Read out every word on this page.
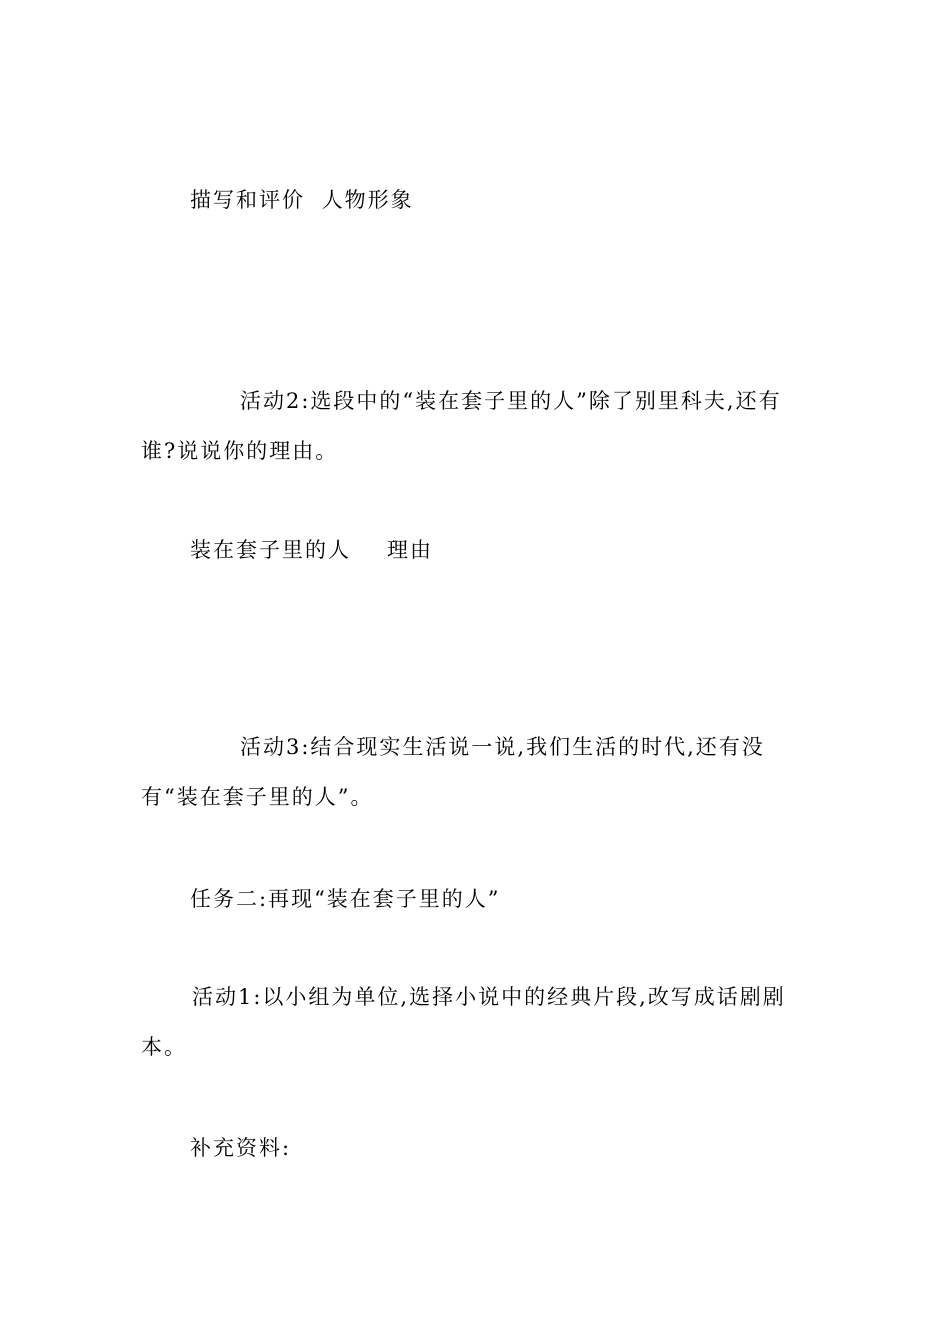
描写和评价 人物形象
活动2:选段中的“装在套子里的人”除了别里科夫,还有谁?说说你的理由。
装在套子里的人 理由
活动3:结合现实生活说一说,我们生活的时代,还有没有“装在套子里的人”。
任务二:再现“装在套子里的人”
活动1:以小组为单位,选择小说中的经典片段,改写成话剧剧本。
补充资料:
